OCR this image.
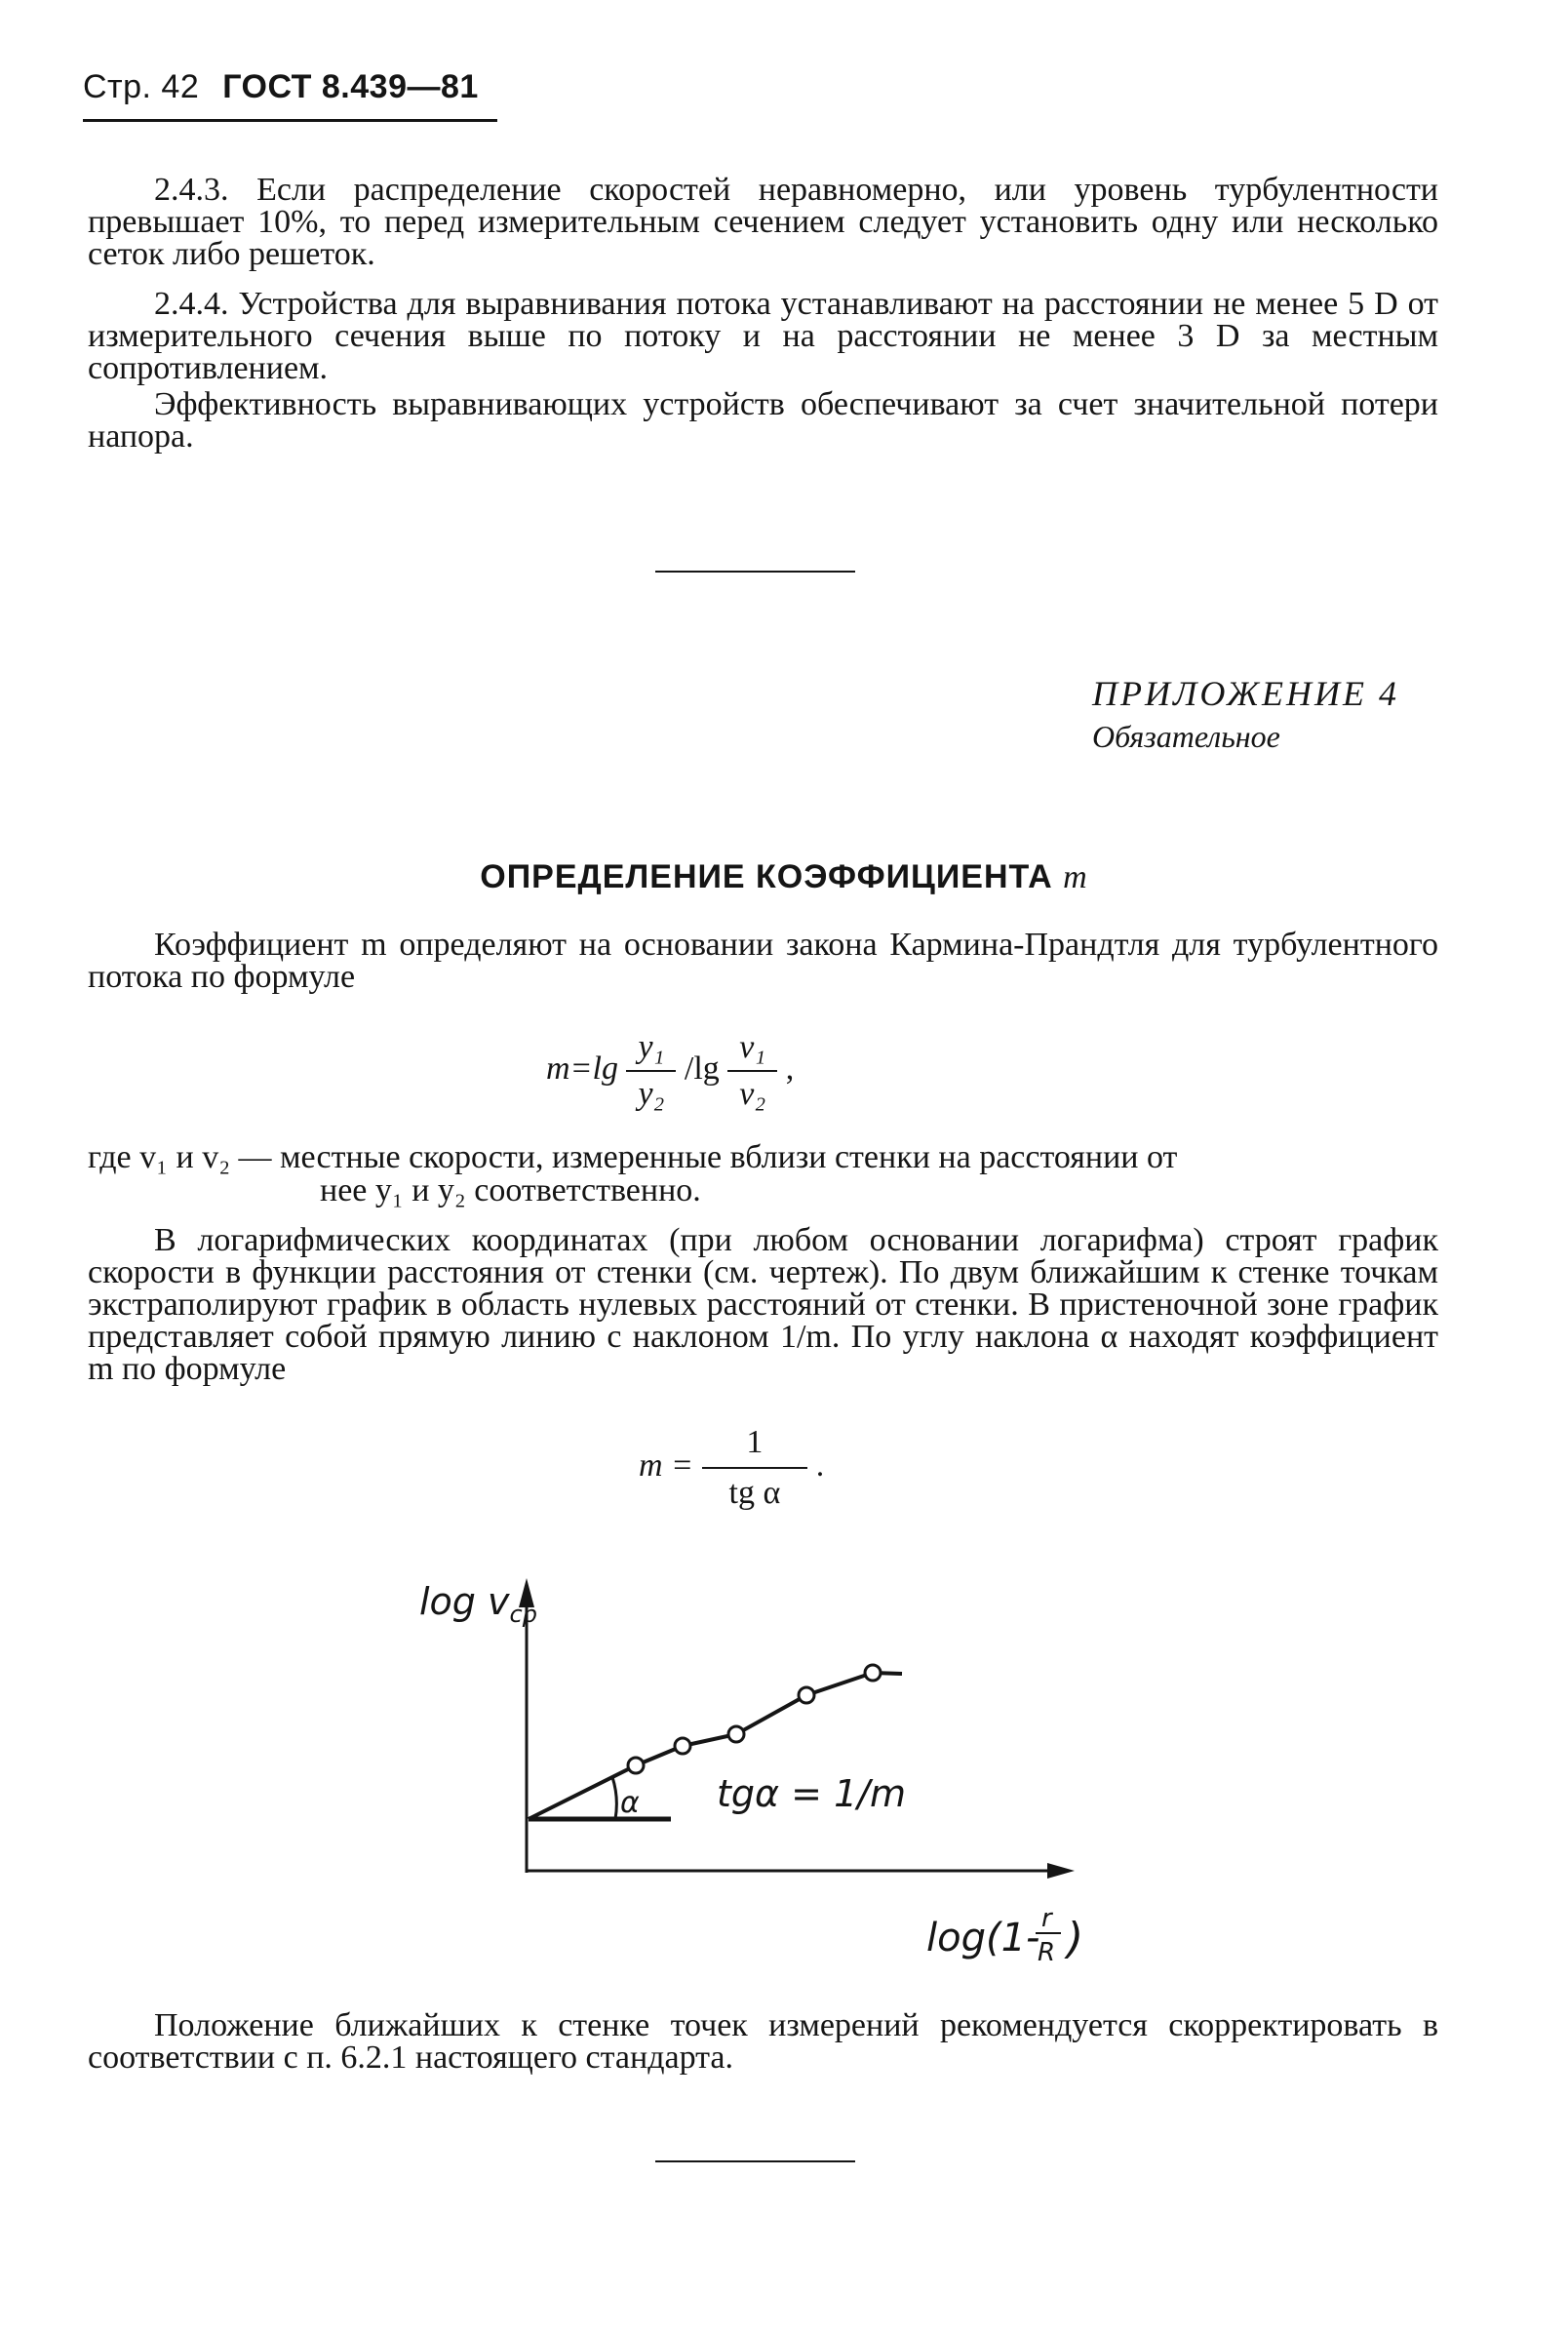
Стр. 42 ГОСТ 8.439—81
2.4.3. Если распределение скоростей неравномерно, или уровень турбулентности превышает 10%, то перед измерительным сечением следует установить одну или несколько сеток либо решеток.
2.4.4. Устройства для выравнивания потока устанавливают на расстоянии не менее 5 D от измерительного сечения выше по потоку и на расстоянии не менее 3 D за местным сопротивлением.
Эффективность выравнивающих устройств обеспечивают за счет значительной потери напора.
ПРИЛОЖЕНИЕ 4
Обязательное
ОПРЕДЕЛЕНИЕ КОЭФФИЦИЕНТА m
Коэффициент m определяют на основании закона Кармина-Прандтля для турбулентного потока по формуле
$m=\lg \frac{\text{y₁}}{\text{y₂}} /\lg \frac{\text{v₁}}{\text{v₂}}$ ,
где v₁ и v₂ — местные скорости, измеренные вблизи стенки на расстоянии от
нее y₁ и y₂ соответственно.
В логарифмических координатах (при любом основании логарифма) строят график скорости в функции расстояния от стенки (см. чертеж). По двум ближайшим к стенке точкам экстраполируют график в область нулевых расстояний от стенки. В пристеночной зоне график представляет собой прямую линию с наклоном 1/m. По углу наклона α находят коэффициент m по формуле
$m = \frac{1}{\text{tg α}}$ .
$\log v_{cp}$
α tgα = 1/m
log(1- r
R )
Положение ближайших к стенке точек измерений рекомендуется скорректировать в соответствии с п. 6.2.1 настоящего стандарта.
